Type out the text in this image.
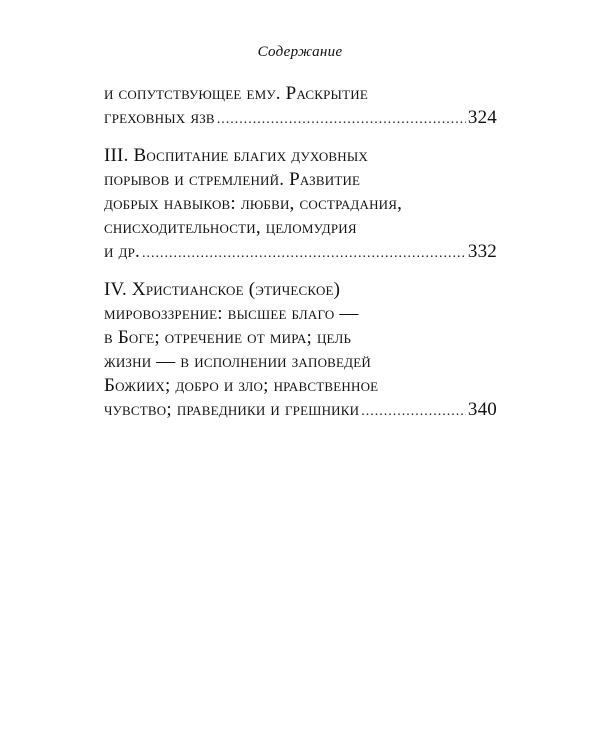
Содержание
и сопутствующее ему. Раскрытие
греховных язв .....	324
III. Воспитание благих духовных
порывов и стремлений. Развитие
добрых навыков: любви, сострадания,
снисходительности, целомудрия
и др. .....	332
IV. Христианское (этическое)
мировоззрение: высшее благо —
в Боге; отречение от мира; цель
жизни — в исполнении заповедей
Божиих; добро и зло; нравственное
чувство; праведники и грешники .....	340
